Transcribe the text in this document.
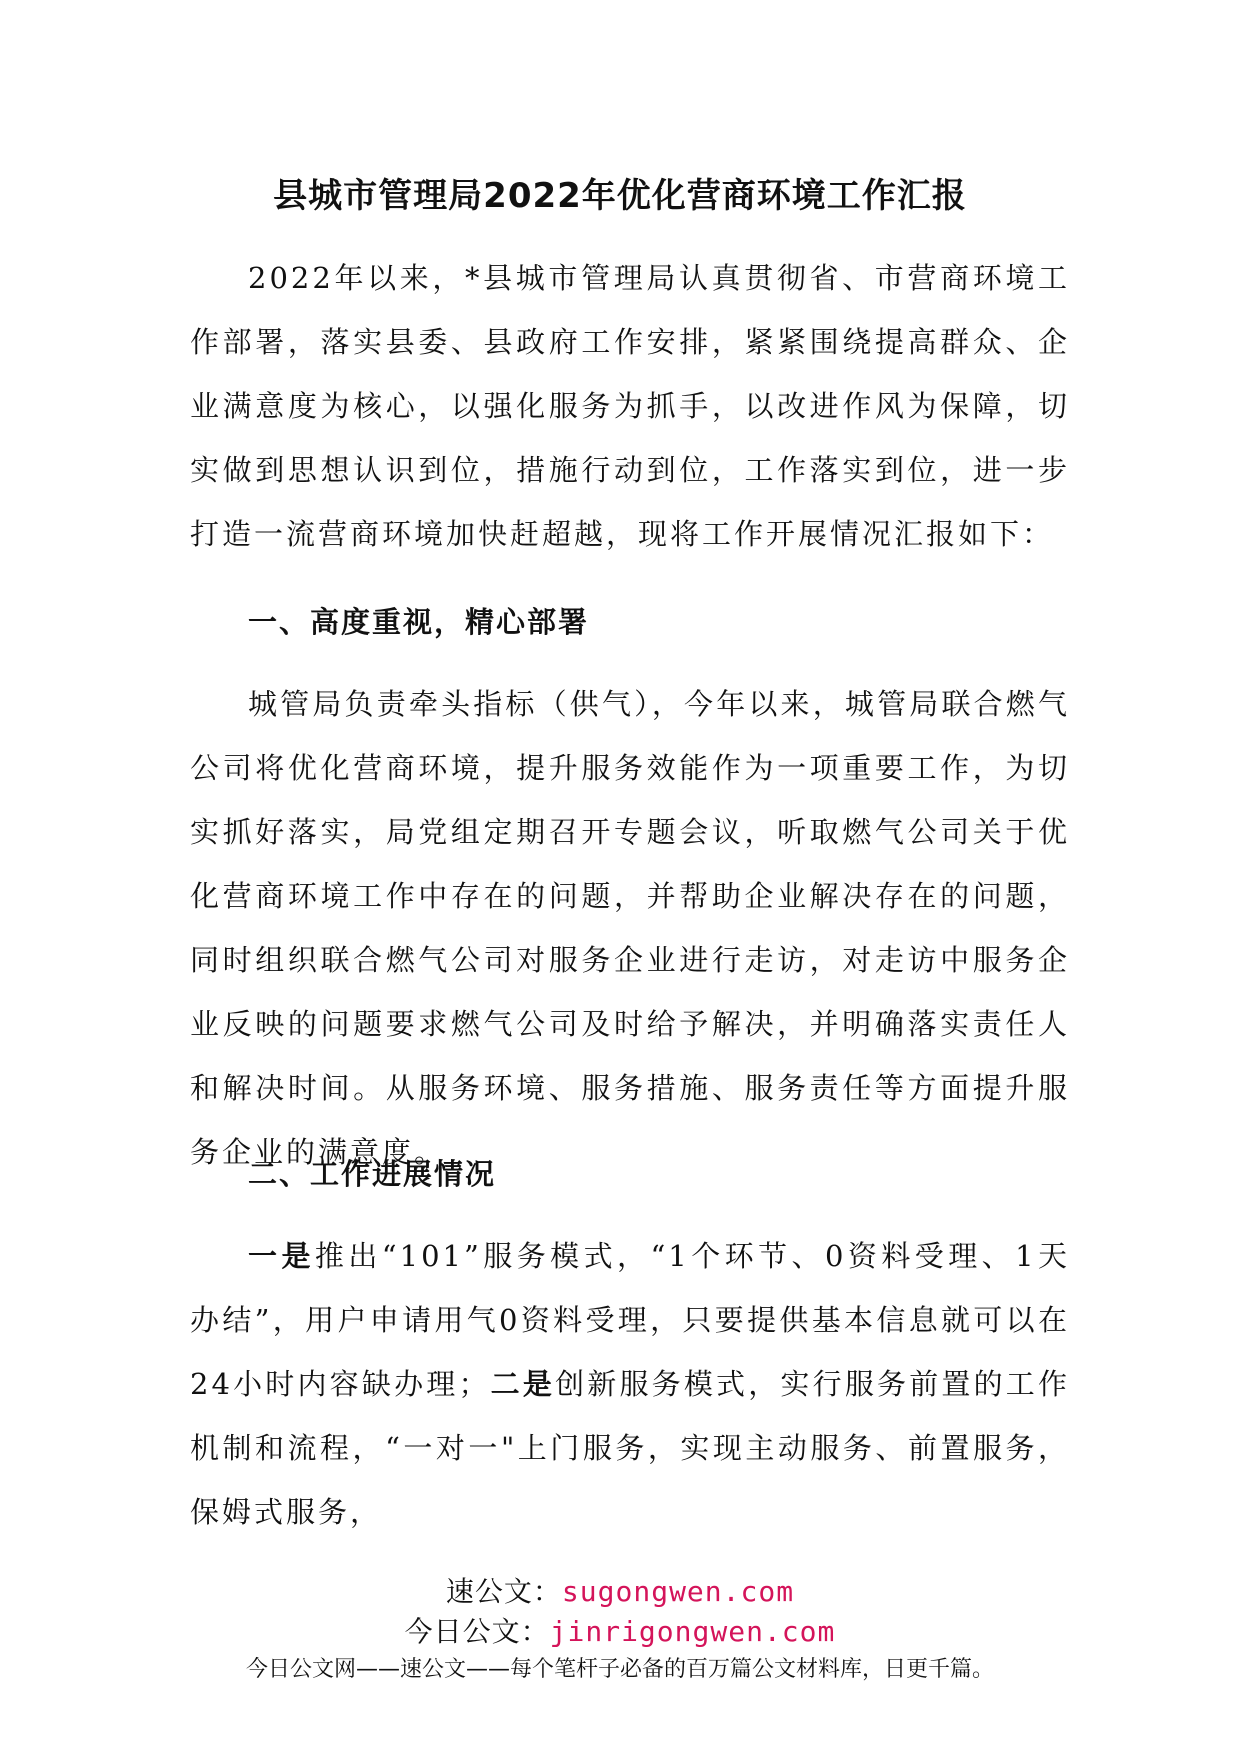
县城市管理局2022年优化营商环境工作汇报

2022年以来，*县城市管理局认真贯彻省、市营商环境工作部署，落实县委、县政府工作安排，紧紧围绕提高群众、企业满意度为核心，以强化服务为抓手，以改进作风为保障，切实做到思想认识到位，措施行动到位，工作落实到位，进一步打造一流营商环境加快赶超越，现将工作开展情况汇报如下：

一、高度重视，精心部署

城管局负责牵头指标（供气），今年以来，城管局联合燃气公司将优化营商环境，提升服务效能作为一项重要工作，为切实抓好落实，局党组定期召开专题会议，听取燃气公司关于优化营商环境工作中存在的问题，并帮助企业解决存在的问题，同时组织联合燃气公司对服务企业进行走访，对走访中服务企业反映的问题要求燃气公司及时给予解决，并明确落实责任人和解决时间。从服务环境、服务措施、服务责任等方面提升服务企业的满意度。

二、工作进展情况

一是推出“101”服务模式，“1个环节、0资料受理、1天办结”，用户申请用气0资料受理，只要提供基本信息就可以在24小时内容缺办理；二是创新服务模式，实行服务前置的工作机制和流程，“一对一"上门服务，实现主动服务、前置服务，保姆式服务，

速公文：sugongwen.com

今日公文：jinrigongwen.com

今日公文网——速公文——每个笔杆子必备的百万篇公文材料库，日更千篇。
